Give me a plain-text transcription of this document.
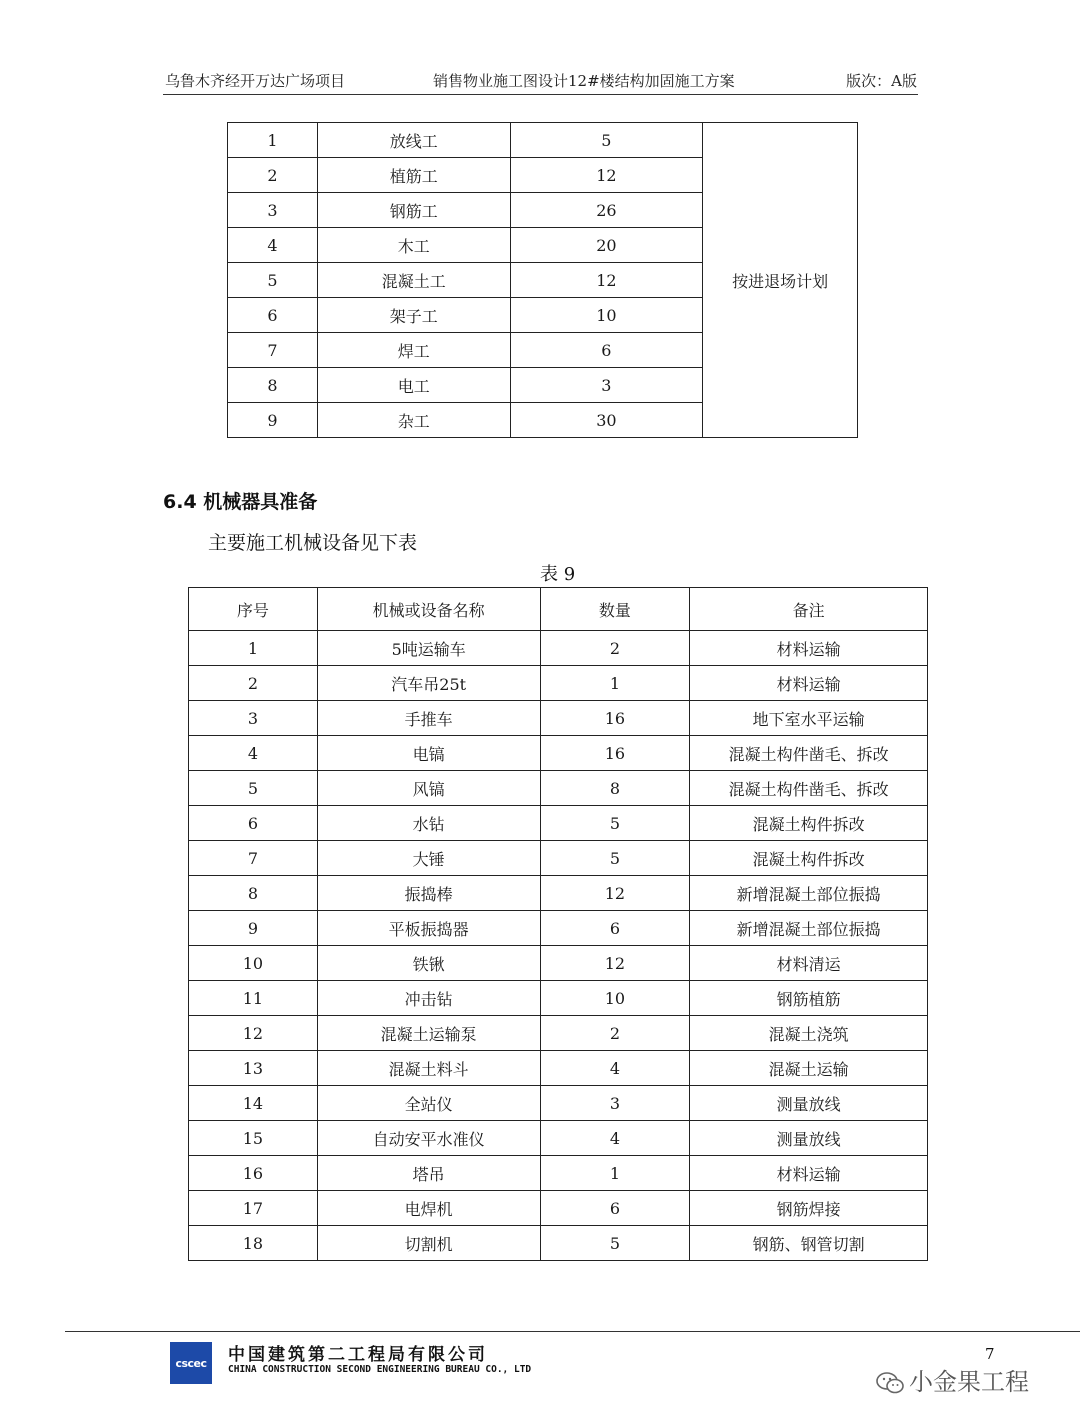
乌鲁木齐经开万达广场项目	销售物业施工图设计12#楼结构加固施工方案	版次：A版
1	放线工	5	按进退场计划
2	植筋工	12	
3	钢筋工	26	
4	木工	20	
5	混凝土工	12	
6	架子工	10	
7	焊工	6	
8	电工	3	
9	杂工	30	
6.4 机械器具准备
主要施工机械设备见下表
表 9
序号	机械或设备名称	数量	备注
1	5吨运输车	2	材料运输
2	汽车吊25t	1	材料运输
3	手推车	16	地下室水平运输
4	电镐	16	混凝土构件凿毛、拆改
5	风镐	8	混凝土构件凿毛、拆改
6	水钻	5	混凝土构件拆改
7	大锤	5	混凝土构件拆改
8	振捣棒	12	新增混凝土部位振捣
9	平板振捣器	6	新增混凝土部位振捣
10	铁锹	12	材料清运
11	冲击钻	10	钢筋植筋
12	混凝土运输泵	2	混凝土浇筑
13	混凝土料斗	4	混凝土运输
14	全站仪	3	测量放线
15	自动安平水准仪	4	测量放线
16	塔吊	1	材料运输
17	电焊机	6	钢筋焊接
18	切割机	5	钢筋、钢管切割
cscec 中国建筑第二工程局有限公司
CHINA CONSTRUCTION SECOND ENGINEERING BUREAU CO., LTD
7
小金果工程
